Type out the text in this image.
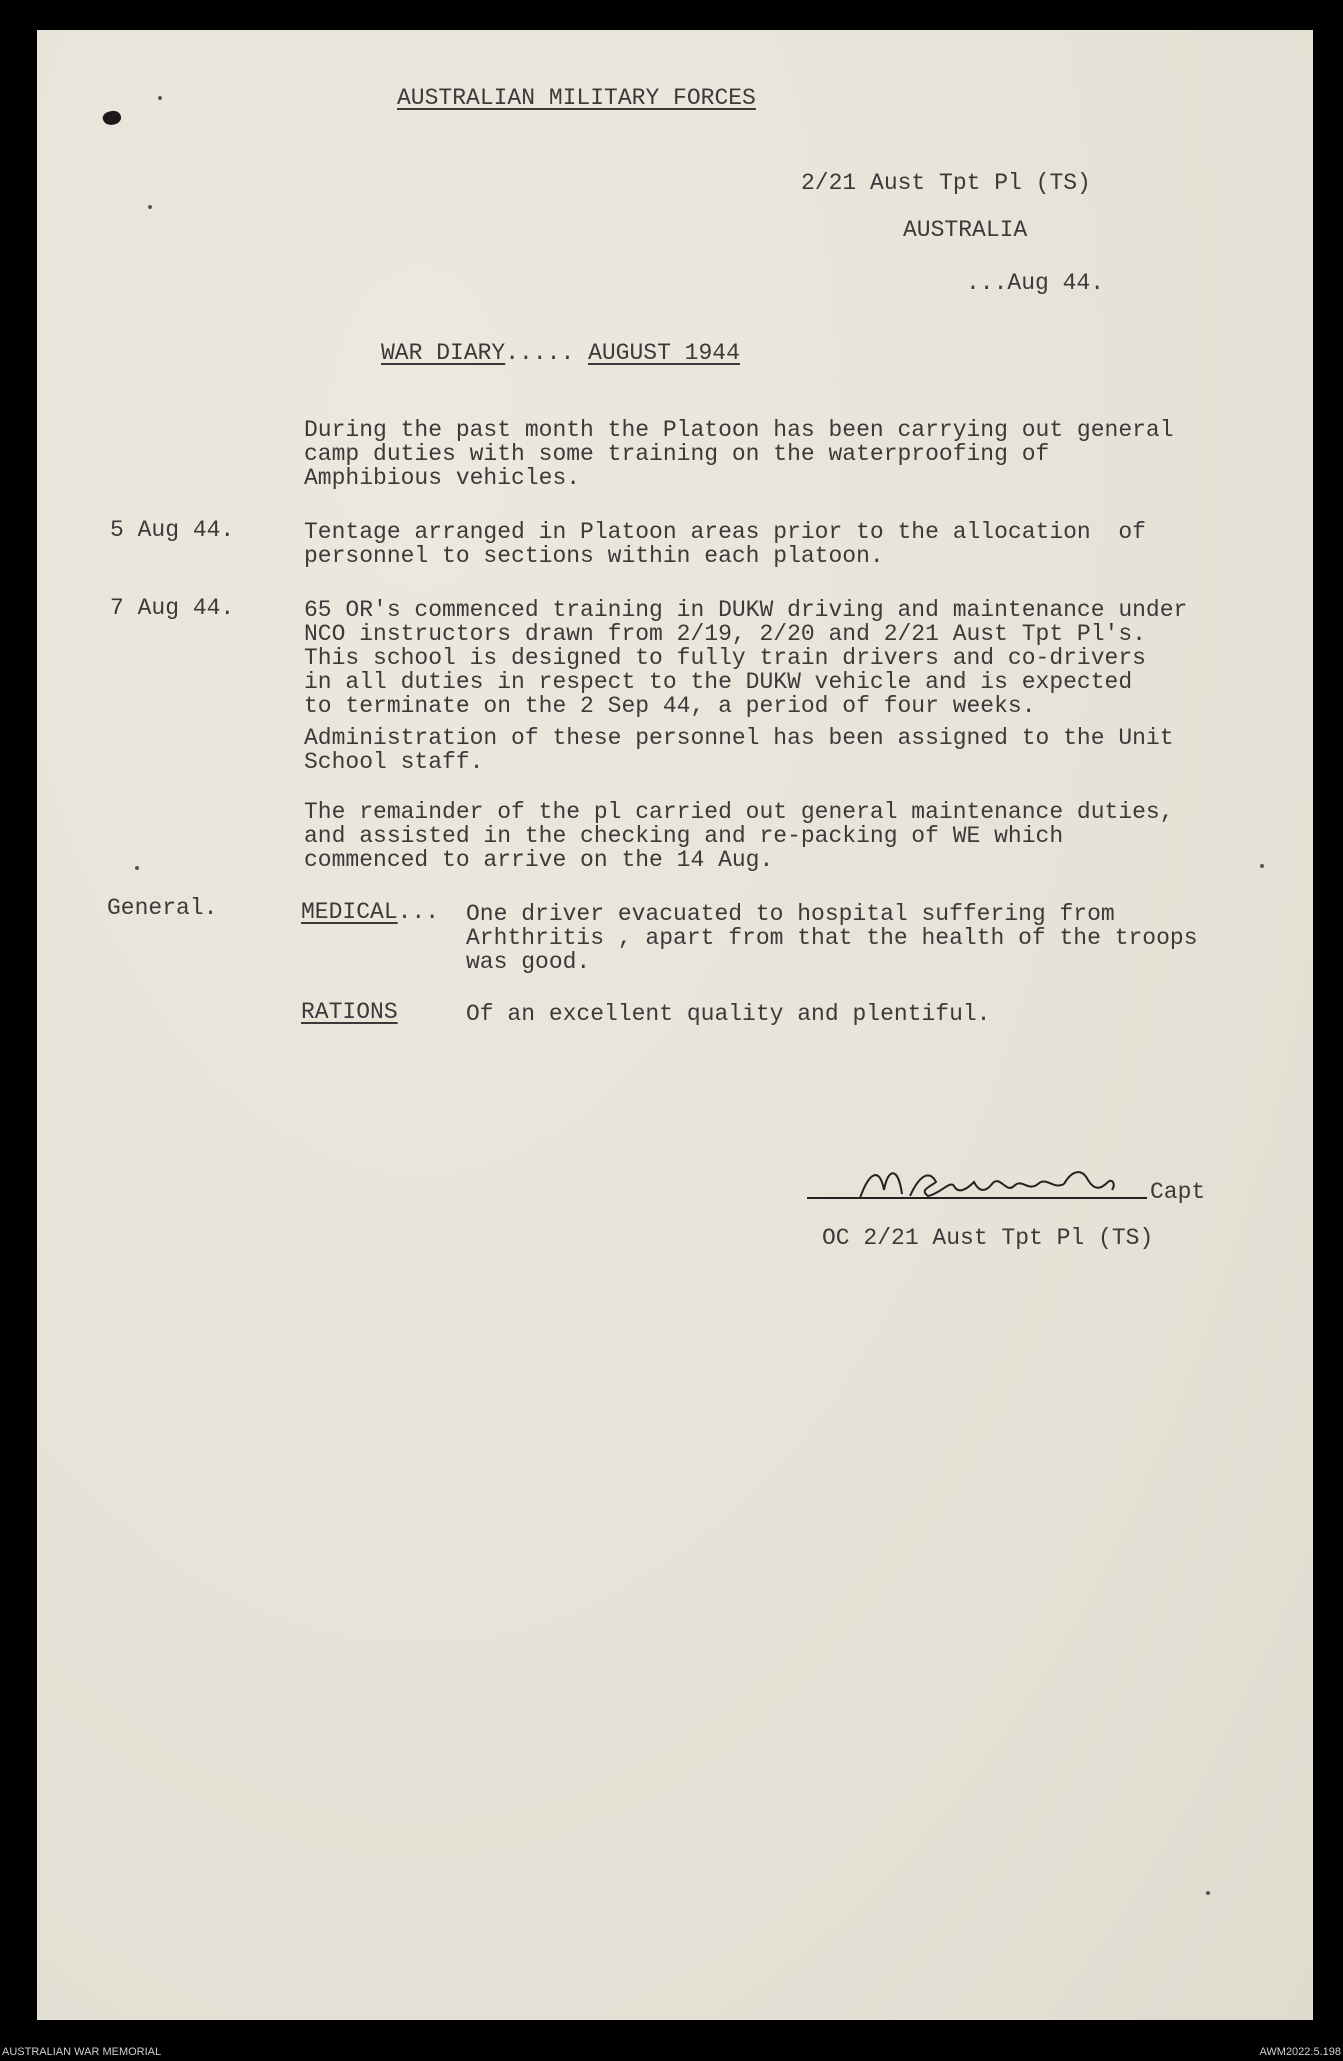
AUSTRALIAN MILITARY FORCES
2/21 Aust Tpt Pl (TS)
AUSTRALIA
...Aug 44.
WAR DIARY..... AUGUST 1944
During the past month the Platoon has been carrying out general
camp duties with some training on the waterproofing of
Amphibious vehicles.
5 Aug 44.	Tentage arranged in Platoon areas prior to the allocation  of
personnel to sections within each platoon.
7 Aug 44.	65 OR's commenced training in DUKW driving and maintenance under
NCO instructors drawn from 2/19, 2/20 and 2/21 Aust Tpt Pl's.
This school is designed to fully train drivers and co-drivers
in all duties in respect to the DUKW vehicle and is expected
to terminate on the 2 Sep 44, a period of four weeks.
Administration of these personnel has been assigned to the Unit
School staff.
The remainder of the pl carried out general maintenance duties,
and assisted in the checking and re-packing of WE which
commenced to arrive on the 14 Aug.
General.	MEDICAL... One driver evacuated to hospital suffering from
Arhthritis , apart from that the health of the troops
was good.
RATIONS	Of an excellent quality and plentiful.
Capt
OC 2/21 Aust Tpt Pl (TS)
AUSTRALIAN WAR MEMORIAL	AWM2022.5.198
